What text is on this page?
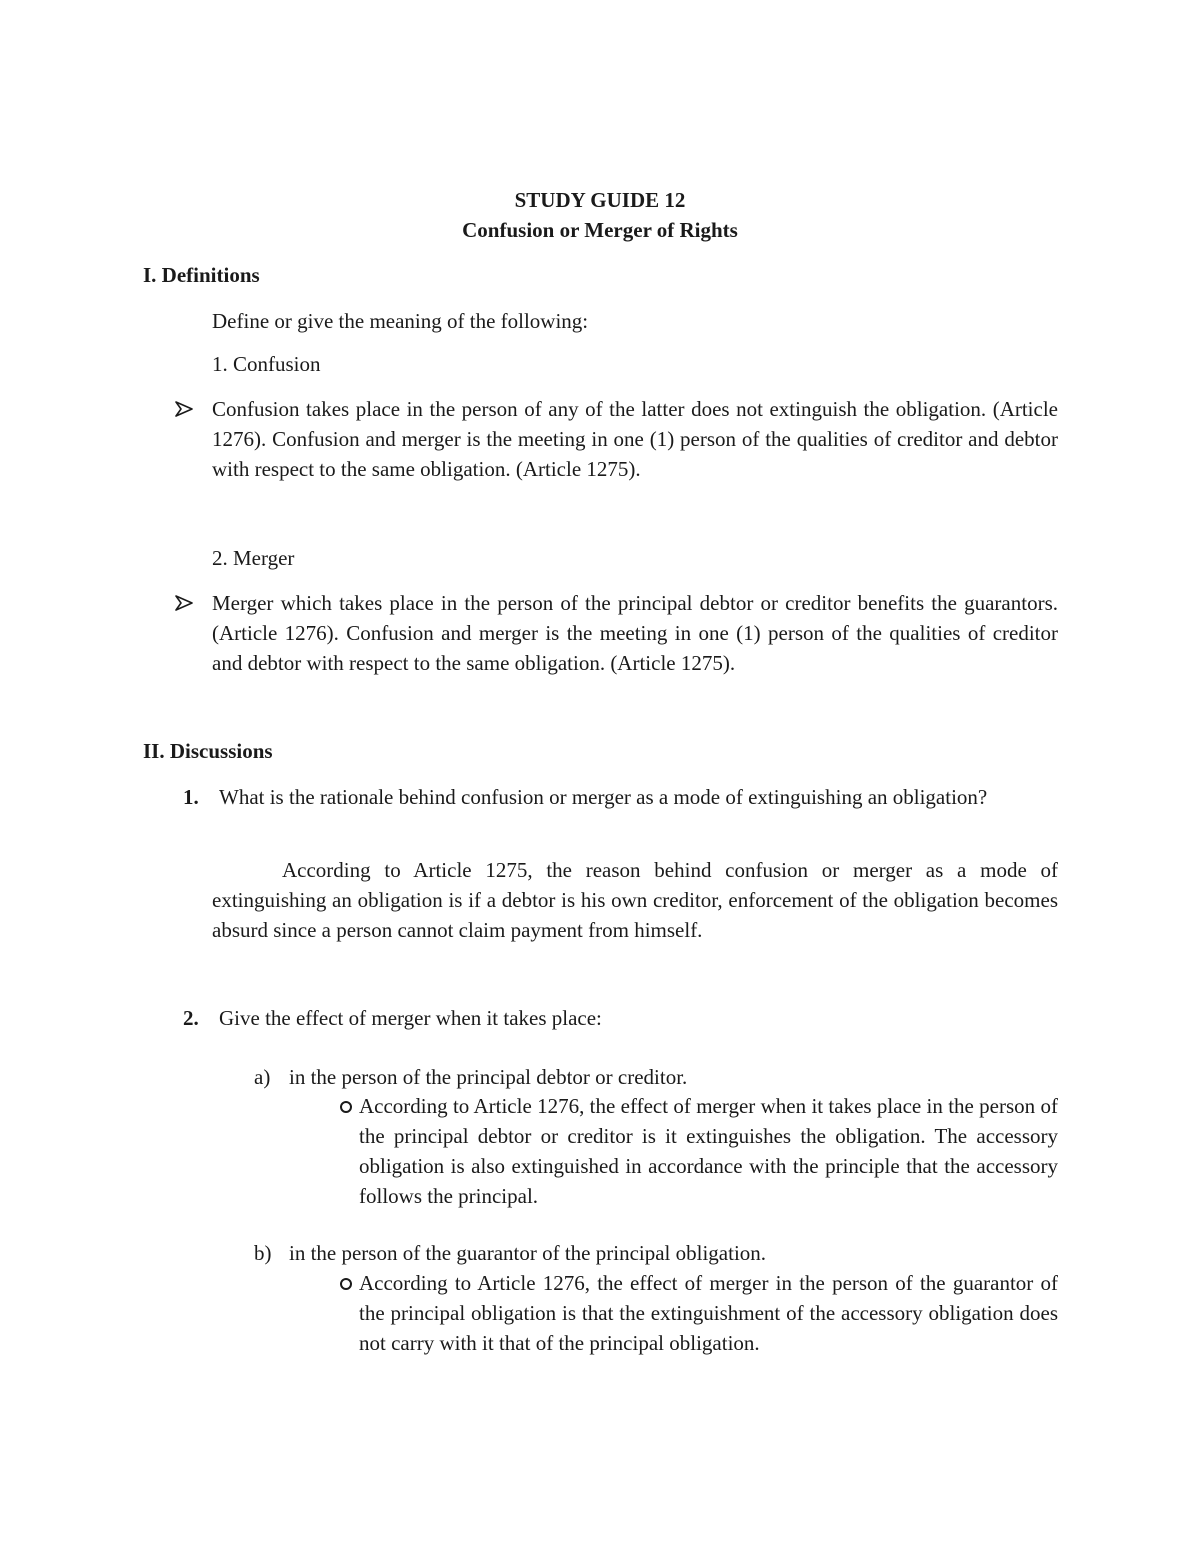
STUDY GUIDE 12
Confusion or Merger of Rights
I. Definitions
Define or give the meaning of the following:
1. Confusion
Confusion takes place in the person of any of the latter does not extinguish the obligation. (Article 1276). Confusion and merger is the meeting in one (1) person of the qualities of creditor and debtor with respect to the same obligation. (Article 1275).
2. Merger
Merger which takes place in the person of the principal debtor or creditor benefits the guarantors. (Article 1276). Confusion and merger is the meeting in one (1) person of the qualities of creditor and debtor with respect to the same obligation. (Article 1275).
II. Discussions
1. What is the rationale behind confusion or merger as a mode of extinguishing an obligation?
According to Article 1275, the reason behind confusion or merger as a mode of extinguishing an obligation is if a debtor is his own creditor, enforcement of the obligation becomes absurd since a person cannot claim payment from himself.
2. Give the effect of merger when it takes place:
a) in the person of the principal debtor or creditor.
According to Article 1276, the effect of merger when it takes place in the person of the principal debtor or creditor is it extinguishes the obligation. The accessory obligation is also extinguished in accordance with the principle that the accessory follows the principal.
b) in the person of the guarantor of the principal obligation.
According to Article 1276, the effect of merger in the person of the guarantor of the principal obligation is that the extinguishment of the accessory obligation does not carry with it that of the principal obligation.
